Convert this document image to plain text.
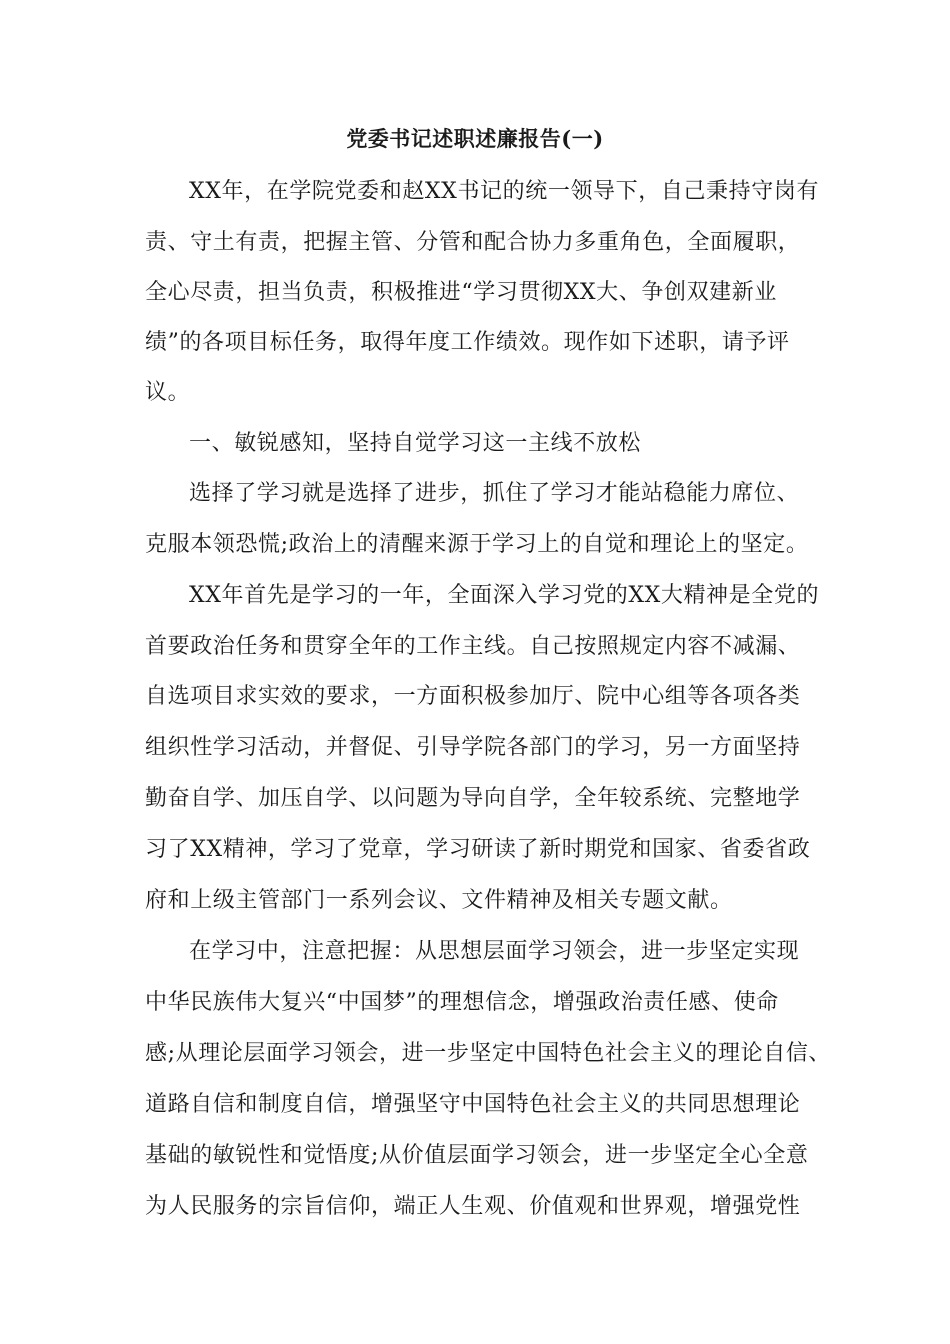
党委书记述职述廉报告(一)
XX年，在学院党委和赵XX书记的统一领导下，自己秉持守岗有
责、守土有责，把握主管、分管和配合协力多重角色，全面履职，
全心尽责，担当负责，积极推进“学习贯彻XX大、争创双建新业
绩”的各项目标任务，取得年度工作绩效。现作如下述职，请予评
议。
一、敏锐感知，坚持自觉学习这一主线不放松
选择了学习就是选择了进步，抓住了学习才能站稳能力席位、
克服本领恐慌;政治上的清醒来源于学习上的自觉和理论上的坚定。
XX年首先是学习的一年，全面深入学习党的XX大精神是全党的
首要政治任务和贯穿全年的工作主线。自己按照规定内容不减漏、
自选项目求实效的要求，一方面积极参加厅、院中心组等各项各类
组织性学习活动，并督促、引导学院各部门的学习，另一方面坚持
勤奋自学、加压自学、以问题为导向自学，全年较系统、完整地学
习了XX精神，学习了党章，学习研读了新时期党和国家、省委省政
府和上级主管部门一系列会议、文件精神及相关专题文献。
在学习中，注意把握：从思想层面学习领会，进一步坚定实现
中华民族伟大复兴“中国梦”的理想信念，增强政治责任感、使命
感;从理论层面学习领会，进一步坚定中国特色社会主义的理论自信、
道路自信和制度自信，增强坚守中国特色社会主义的共同思想理论
基础的敏锐性和觉悟度;从价值层面学习领会，进一步坚定全心全意
为人民服务的宗旨信仰，端正人生观、价值观和世界观，增强党性
